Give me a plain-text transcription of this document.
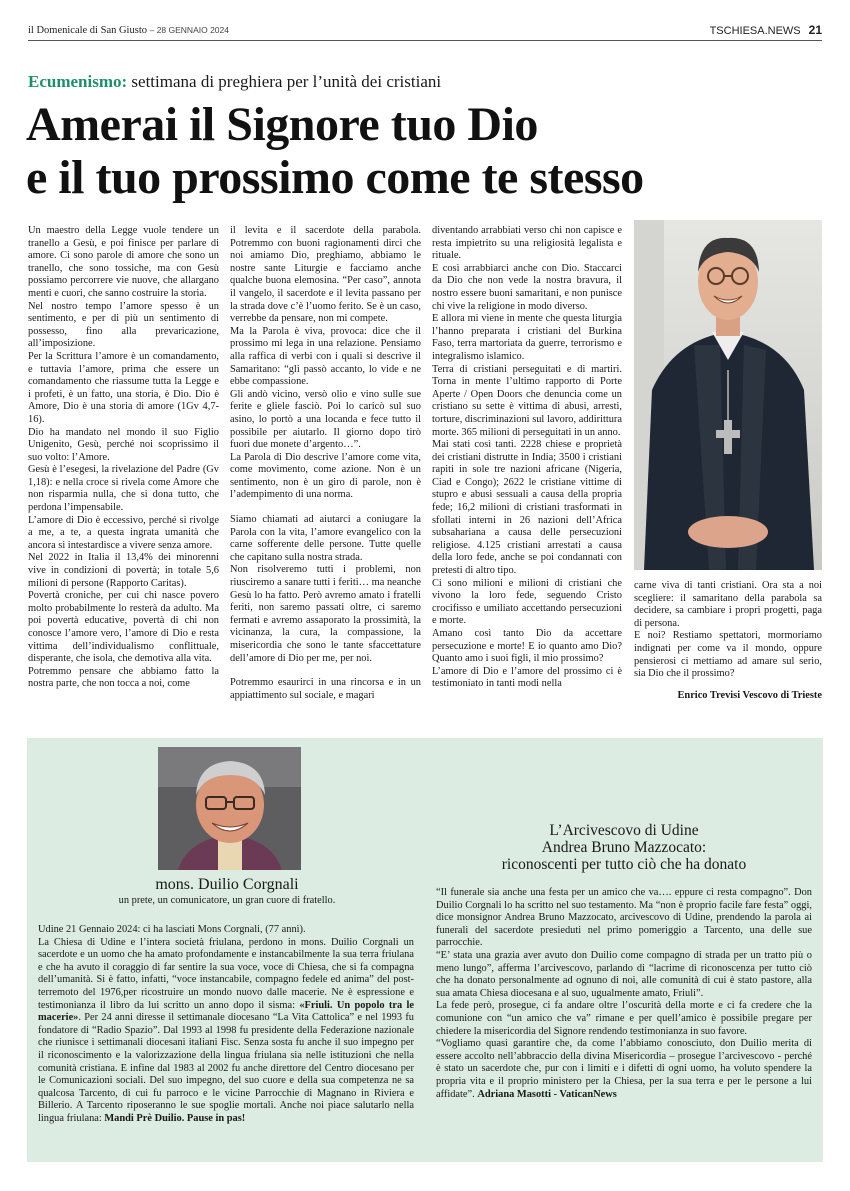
il Domenicale di San Giusto – 28 GENNAIO 2024	TSCHIESA.NEWS 21
Ecumenismo: settimana di preghiera per l’unità dei cristiani
Amerai il Signore tuo Dio
e il tuo prossimo come te stesso

Un maestro della Legge vuole tendere un tranello a Gesù, e poi finisce per parlare di amore. Ci sono parole di amore che sono un tranello, che sono tossiche, ma con Gesù possiamo percorrere vie nuove, che allargano menti e cuori, che sanno costruire la storia.

Nel nostro tempo l’amore spesso è un sentimento, e per di più un sentimento di possesso, fino alla prevaricazione, all’imposizione.

Per la Scrittura l’amore è un comandamento, e tuttavia l’amore, prima che essere un comandamento che riassume tutta la Legge e i profeti, è un fatto, una storia, è Dio. Dio è Amore, Dio è una storia di amore (1Gv 4,7-16).

Dio ha mandato nel mondo il suo Figlio Unigenito, Gesù, perché noi scoprissimo il suo volto: l’Amore.

Gesù è l’esegesi, la rivelazione del Padre (Gv 1,18): e nella croce si rivela come Amore che non risparmia nulla, che si dona tutto, che perdona l’impensabile.

L’amore di Dio è eccessivo, perché si rivolge a me, a te, a questa ingrata umanità che ancora si intestardisce a vivere senza amore.

Nel 2022 in Italia il 13,4% dei minorenni vive in condizioni di povertà; in totale 5,6 milioni di persone (Rapporto Caritas).

Povertà croniche, per cui chi nasce povero molto probabilmente lo resterà da adulto. Ma poi povertà educative, povertà di chi non conosce l’amore vero, l’amore di Dio e resta vittima dell’individualismo conflittuale, disperante, che isola, che demotiva alla vita.

Potremmo pensare che abbiamo fatto la nostra parte, che non tocca a noi, come

il levita e il sacerdote della parabola. Potremmo con buoni ragionamenti dirci che noi amiamo Dio, preghiamo, abbiamo le nostre sante Liturgie e facciamo anche qualche buona elemosina. “Per caso”, annota il vangelo, il sacerdote e il levita passano per la strada dove c’è l’uomo ferito. Se è un caso, verrebbe da pensare, non mi compete.

Ma la Parola è viva, provoca: dice che il prossimo mi lega in una relazione. Pensiamo alla raffica di verbi con i quali si descrive il Samaritano: “gli passò accanto, lo vide e ne ebbe compassione.

Gli andò vicino, versò olio e vino sulle sue ferite e gliele fasciò. Poi lo caricò sul suo asino, lo portò a una locanda e fece tutto il possibile per aiutarlo. Il giorno dopo tirò fuori due monete d’argento…”.

La Parola di Dio descrive l’amore come vita, come movimento, come azione. Non è un sentimento, non è un giro di parole, non è l’adempimento di una norma.

Siamo chiamati ad aiutarci a coniugare la Parola con la vita, l’amore evangelico con la carne sofferente delle persone. Tutte quelle che capitano sulla nostra strada.

Non risolveremo tutti i problemi, non riusciremo a sanare tutti i feriti… ma neanche Gesù lo ha fatto. Però avremo amato i fratelli feriti, non saremo passati oltre, ci saremo fermati e avremo assaporato la prossimità, la vicinanza, la cura, la compassione, la misericordia che sono le tante sfaccettature dell’amore di Dio per me, per noi.

Potremmo esaurirci in una rincorsa e in un appiattimento sul sociale, e magari

diventando arrabbiati verso chi non capisce e resta impietrito su una religiosità legalista e rituale.

E così arrabbiarci anche con Dio. Staccarci da Dio che non vede la nostra bravura, il nostro essere buoni samaritani, e non punisce chi vive la religione in modo diverso.

E allora mi viene in mente che questa liturgia l’hanno preparata i cristiani del Burkina Faso, terra martoriata da guerre, terrorismo e integralismo islamico.

Terra di cristiani perseguitati e di martiri. Torna in mente l’ultimo rapporto di Porte Aperte / Open Doors che denuncia come un cristiano su sette è vittima di abusi, arresti, torture, discriminazioni sul lavoro, addirittura morte. 365 milioni di perseguitati in un anno.

Mai stati così tanti. 2228 chiese e proprietà dei cristiani distrutte in India; 3500 i cristiani rapiti in sole tre nazioni africane (Nigeria, Ciad e Congo); 2622 le cristiane vittime di stupro e abusi sessuali a causa della propria fede; 16,2 milioni di cristiani trasformati in sfollati interni in 26 nazioni dell’Africa subsahariana a causa delle persecuzioni religiose. 4.125 cristiani arrestati a causa della loro fede, anche se poi condannati con pretesti di altro tipo.

Ci sono milioni e milioni di cristiani che vivono la loro fede, seguendo Cristo crocifisso e umiliato accettando persecuzioni e morte.

Amano così tanto Dio da accettare persecuzione e morte! E io quanto amo Dio? Quanto amo i suoi figli, il mio prossimo?

L’amore di Dio e l’amore del prossimo ci è testimoniato in tanti modi nella

carne viva di tanti cristiani. Ora sta a noi scegliere: il samaritano della parabola sa decidere, sa cambiare i propri progetti, paga di persona.

E noi? Restiamo spettatori, mormoriamo indignati per come va il mondo, oppure pensierosi ci mettiamo ad amare sul serio, sia Dio che il prossimo?

Enrico Trevisi Vescovo di Trieste
mons. Duilio Corgnali
un prete, un comunicatore, un gran cuore di fratello.

Udine 21 Gennaio 2024: ci ha lasciati Mons Corgnali, (77 anni).

La Chiesa di Udine e l’intera società friulana, perdono in mons. Duilio Corgnali un sacerdote e un uomo che ha amato profondamente e instancabilmente la sua terra friulana e che ha avuto il coraggio di far sentire la sua voce, voce di Chiesa, che si fa compagna dell’umanità. Si è fatto, infatti, “voce instancabile, compagno fedele ed anima” del post-terremoto del 1976,per ricostruire un mondo nuovo dalle macerie. Ne è espressione e testimonianza il libro da lui scritto un anno dopo il sisma: «Friuli. Un popolo tra le macerie». Per 24 anni diresse il settimanale diocesano “La Vita Cattolica” e nel 1993 fu fondatore di “Radio Spazio”. Dal 1993 al 1998 fu presidente della Federazione nazionale che riunisce i settimanali diocesani italiani Fisc. Senza sosta fu anche il suo impegno per il riconoscimento e la valorizzazione della lingua friulana sia nelle istituzioni che nella comunità cristiana. E infine dal 1983 al 2002 fu anche direttore del Centro diocesano per le Comunicazioni sociali. Del suo impegno, del suo cuore e della sua competenza ne sa qualcosa Tarcento, di cui fu parroco e le vicine Parrocchie di Magnano in Riviera e Billerio. A Tarcento riposeranno le sue spoglie mortali. Anche noi piace salutarlo nella lingua friulana: Mandi Prè Duilio. Pause in pas!

L’Arcivescovo di Udine
Andrea Bruno Mazzocato:
riconoscenti per tutto ciò che ha donato

“Il funerale sia anche una festa per un amico che va…. eppure ci resta compagno”. Don Duilio Corgnali lo ha scritto nel suo testamento. Ma “non è proprio facile fare festa” oggi, dice monsignor Andrea Bruno Mazzocato, arcivescovo di Udine, prendendo la parola ai funerali del sacerdote presieduti nel primo pomeriggio a Tarcento, una delle sue parrocchie.

“E’ stata una grazia aver avuto don Duilio come compagno di strada per un tratto più o meno lungo”, afferma l’arcivescovo, parlando di “lacrime di riconoscenza per tutto ciò che ha donato personalmente ad ognuno di noi, alle comunità di cui è stato pastore, alla sua amata Chiesa diocesana e al suo, ugualmente amato, Friuli”.

La fede però, prosegue, ci fa andare oltre l’oscurità della morte e ci fa credere che la comunione con “un amico che va” rimane e per quell’amico è possibile pregare per chiedere la misericordia del Signore rendendo testimonianza in suo favore.

“Vogliamo quasi garantire che, da come l’abbiamo conosciuto, don Duilio merita di essere accolto nell’abbraccio della divina Misericordia – prosegue l’arcivescovo - perché è stato un sacerdote che, pur con i limiti e i difetti di ogni uomo, ha voluto spendere la propria vita e il proprio ministero per la Chiesa, per la sua terra e per le persone a lui affidate”. Adriana Masotti - VaticanNews
